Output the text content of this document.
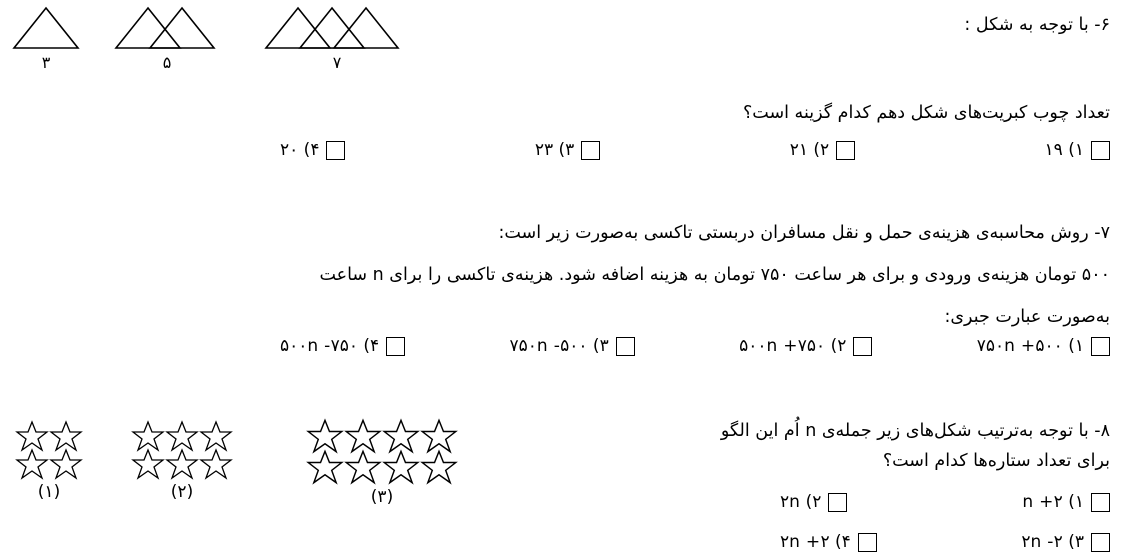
۳	۵	۷
۶- با توجه به شکل :
تعداد چوب کبریت‌های شکل دهم کدام گزینه است؟
۱) ۱۹
۲) ۲۱
۳) ۲۳
۴) ۲۰
۷- روش محاسبه‌ی هزینه‌ی حمل و نقل مسافران دربستی تاکسی به‌صورت زیر است:
۵۰۰ تومان هزینه‌ی ورودی و برای هر ساعت ۷۵۰ تومان به هزینه اضافه شود. هزینه‌ی تاکسی را برای n ساعت
به‌صورت عبارت جبری:
۱) ۷۵۰n +۵۰۰
۲) ۵۰۰n +۷۵۰
۳) ۷۵۰n -۵۰۰
۴) ۵۰۰n -۷۵۰
۸- با توجه به‌ترتیب شکل‌های زیر جمله‌ی n اُم این الگو
برای تعداد ستاره‌ها کدام است؟
۱) n +۲
۲) ۲n
۳) ۲n -۲
۴) ۲n +۲
(۱)	(۲)	(۳)
